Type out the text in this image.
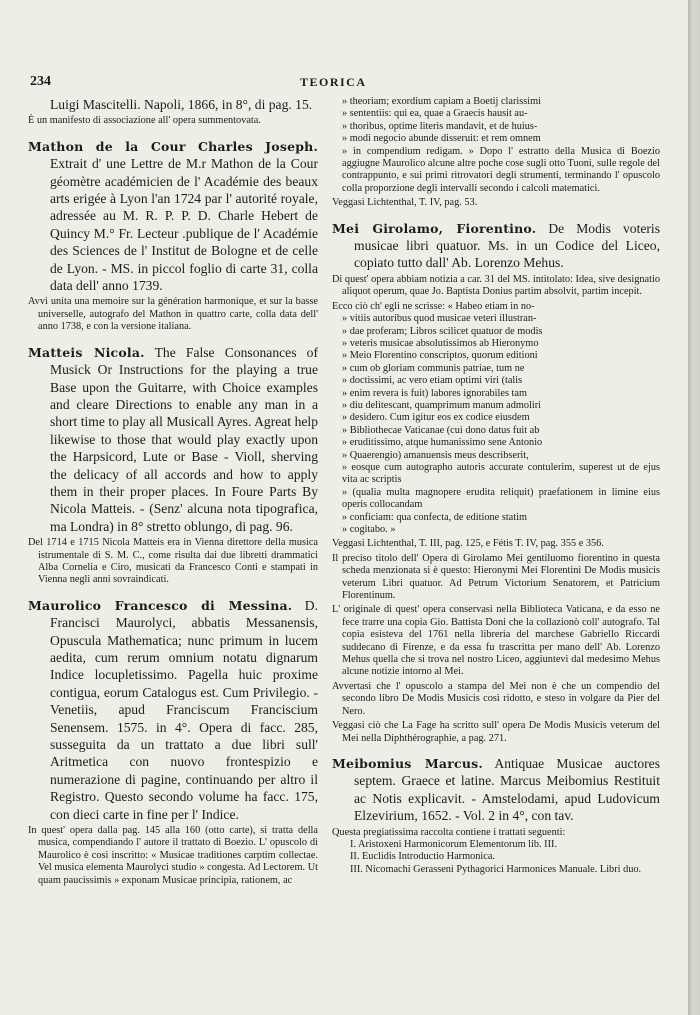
234	TEORICA

Luigi Mascitelli. Napoli, 1866, in 8°, di pag. 15.

È un manifesto di associazione all' opera summentovata.

Mathon de la Cour Charles Joseph. Extrait d' une Lettre de M.r Mathon de la Cour géomètre académicien de l' Académie des beaux arts erigée à Lyon l'an 1724 par l' autorité royale, adressée au M. R. P. P. D. Charle Hebert de Quincy M.° Fr. Lecteur .publique de l' Académie des Sciences de l' Institut de Bologne et de celle de Lyon. - MS. in piccol foglio di carte 31, colla data dell' anno 1739.

Avvi unita una memoire sur la génération harmonique, et sur la basse universelle, autografo del Mathon in quattro carte, colla data dell' anno 1738, e con la versione italiana.

Matteis Nicola. The False Consonances of Musick Or Instructions for the playing a true Base upon the Guitarre, with Choice examples and cleare Directions to enable any man in a short time to play all Musicall Ayres. Agreat help likewise to those that would play exactly upon the Harpsicord, Lute or Base - Violl, sherving the delicacy of all accords and how to apply them in their proper places. In Foure Parts By Nicola Matteis. - (Senz' alcuna nota tipografica, ma Londra) in 8° stretto oblungo, di pag. 96.

Del 1714 e 1715 Nicola Matteis era in Vienna direttore della musica istrumentale di S. M. C., come risulta dai due libretti drammatici Alba Cornelia e Ciro, musicati da Francesco Conti e stampati in Vienna negli anni sovraindicati.

Maurolico Francesco di Messina. D. Francisci Maurolyci, abbatis Messanensis, Opuscula Mathematica; nunc primum in lucem aedita, cum rerum omnium notatu dignarum Indice locupletissimo. Pagella huic proxime contigua, eorum Catalogus est. Cum Privilegio. - Venetiis, apud Franciscum Franciscium Senensem. 1575. in 4°. Opera di facc. 285, susseguita da un trattato a due libri sull' Aritmetica con nuovo frontespizio e numerazione di pagine, continuando per altro il Registro. Questo secondo volume ha facc. 175, con dieci carte in fine per l' Indice.

In quest' opera dalla pag. 145 alla 160 (otto carte), si tratta della musica, compendiando l' autore il trattato di Boezio. L' opuscolo di Maurolico è così inscritto: « Musicae traditiones carptim collectae. Vel musica elementa Maurolyci studio » congesta. Ad Lectorem. Ut quam paucissimis » exponam Musicae principia, rationem, ac

» theoriam; exordium capiam a Boetij clarissimi

» sententiis: qui ea, quae a Graecis hausit au-

» thoribus, optime literis mandavit, et de huius-

» modi negocio abunde disseruit: et rem omnem

» in compendium redigam. » Dopo l' estratto della Musica di Boezio aggiugne Maurolico alcune altre poche cose sugli otto Tuoni, sulle regole del contrappunto, e sui primi ritrovatori degli strumenti, terminando l' opuscolo colla proporzione degli intervalli secondo i calcoli matematici.

Veggasi Lichtenthal, T. IV, pag. 53.

Mei Girolamo, Fiorentino. De Modis voteris musicae libri quatuor. Ms. in un Codice del Liceo, copiato tutto dall' Ab. Lorenzo Mehus.

Di quest' opera abbiam notizia a car. 31 del MS. intitolato: Idea, sive designatio aliquot operum, quae Jo. Baptista Donius partim absolvit, partim incepit.

Ecco ciò ch' egli ne scrisse: « Habeo etiam in no-

» vitiis autoribus quod musicae veteri illustran-

» dae proferam; Libros scilicet quatuor de modis

» veteris musicae absolutissimos ab Hieronymo

» Meio Florentino conscriptos, quorum editioni

» cum ob gloriam communis patriae, tum ne

» doctissimi, ac vero etiam optimi viri (talis

» enim revera is fuit) labores ignorabiles tam

» diu delitescant, quamprimum manum admoliri

» desidero. Cum igitur eos ex codice eiusdem

» Bibliothecae Vaticanae (cui dono datus fuit ab

» eruditissimo, atque humanissimo sene Antonio

» Quaerengio) amanuensis meus describserit,

» eosque cum autographo autoris accurate contulerim, superest ut de ejus vita ac scriptis

» (qualia multa magnopere erudita reliquit) praefationem in limine eius operis collocandam

» conficiam: qua confecta, de editione statim

» cogitabo. »

Veggasi Lichtenthal, T. III, pag. 125, e Fétis T. IV, pag. 355 e 356.

Il preciso titolo dell' Opera di Girolamo Mei gentiluomo fiorentino in questa scheda menzionata si è questo: Hieronymi Mei Florentini De Modis musicis veterum Libri quatuor. Ad Petrum Victorium Senatorem, et Patricium Florentinum.

L' originale di quest' opera conservasi nella Biblioteca Vaticana, e da esso ne fece trarre una copia Gio. Battista Doni che la collazionò coll' autografo. Tal copia esisteva del 1761 nella libreria del marchese Gabriello Riccardi suddecano di Firenze, e da essa fu trascritta per mano dell' Ab. Lorenzo Mehus quella che si trova nel nostro Liceo, aggiuntevi dal medesimo Mehus alcune notizie intorno al Mei.

Avvertasi che l' opuscolo a stampa del Mei non è che un compendio del secondo libro De Modis Musicis così ridotto, e steso in volgare da Pier del Nero.

Veggasi ciò che La Fage ha scritto sull' opera De Modis Musicis veterum del Mei nella Diphthérographie, a pag. 271.

Meibomius Marcus. Antiquae Musicae auctores septem. Graece et latine. Marcus Meibomius Restituit ac Notis explicavit. - Amstelodami, apud Ludovicum Elzevirium, 1652. - Vol. 2 in 4°, con tav.

Questa pregiatissima raccolta contiene i trattati seguenti:

I. Aristoxeni Harmonicorum Elementorum lib. III.

II. Euclidis Introductio Harmonica.

III. Nicomachi Gerasseni Pythagorici Harmonices Manuale. Libri duo.
